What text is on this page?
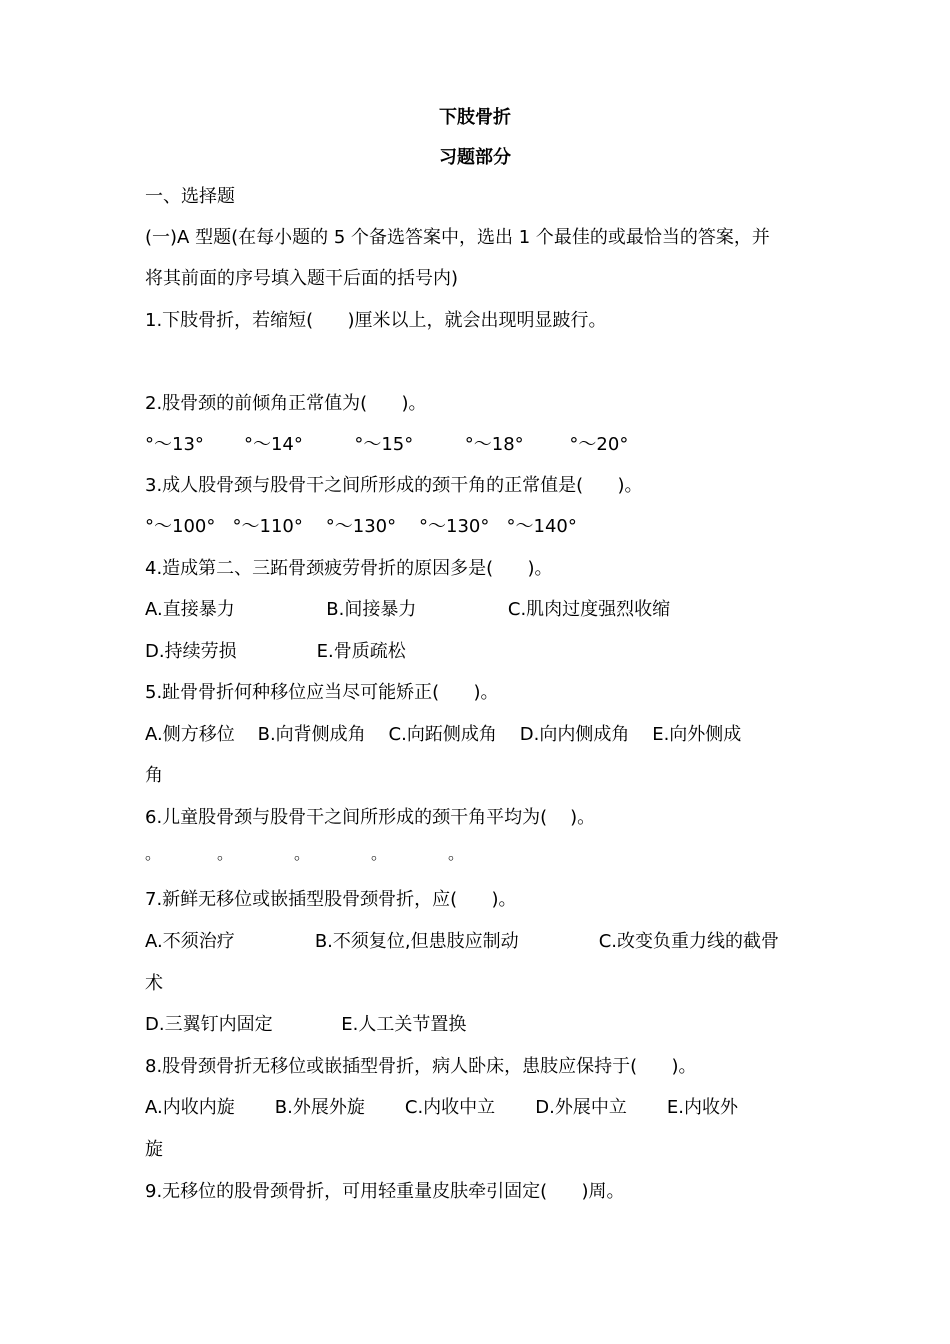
下肢骨折
习题部分
一、选择题
(一)A 型题(在每小题的 5 个备选答案中，选出 1 个最佳的或最恰当的答案，并
将其前面的序号填入题干后面的括号内)
1.下肢骨折，若缩短(      )厘米以上，就会出现明显跛行。
2.股骨颈的前倾角正常值为(      )。
°～13°       °～14°         °～15°         °～18°        °～20°
3.成人股骨颈与股骨干之间所形成的颈干角的正常值是(      )。
°～100°   °～110°    °～130°    °～130°   °～140°
4.造成第二、三跖骨颈疲劳骨折的原因多是(      )。
A.直接暴力                B.间接暴力                C.肌肉过度强烈收缩
D.持续劳损              E.骨质疏松
5.趾骨骨折何种移位应当尽可能矫正(      )。
A.侧方移位    B.向背侧成角    C.向跖侧成角    D.向内侧成角    E.向外侧成
角
6.儿童股骨颈与股骨干之间所形成的颈干角平均为(    )。
。           。            。            。            。
7.新鲜无移位或嵌插型股骨颈骨折，应(      )。
A.不须治疗              B.不须复位,但患肢应制动              C.改变负重力线的截骨
术
D.三翼钉内固定            E.人工关节置换
8.股骨颈骨折无移位或嵌插型骨折，病人卧床，患肢应保持于(      )。
A.内收内旋       B.外展外旋       C.内收中立       D.外展中立       E.内收外
旋
9.无移位的股骨颈骨折，可用轻重量皮肤牵引固定(      )周。
